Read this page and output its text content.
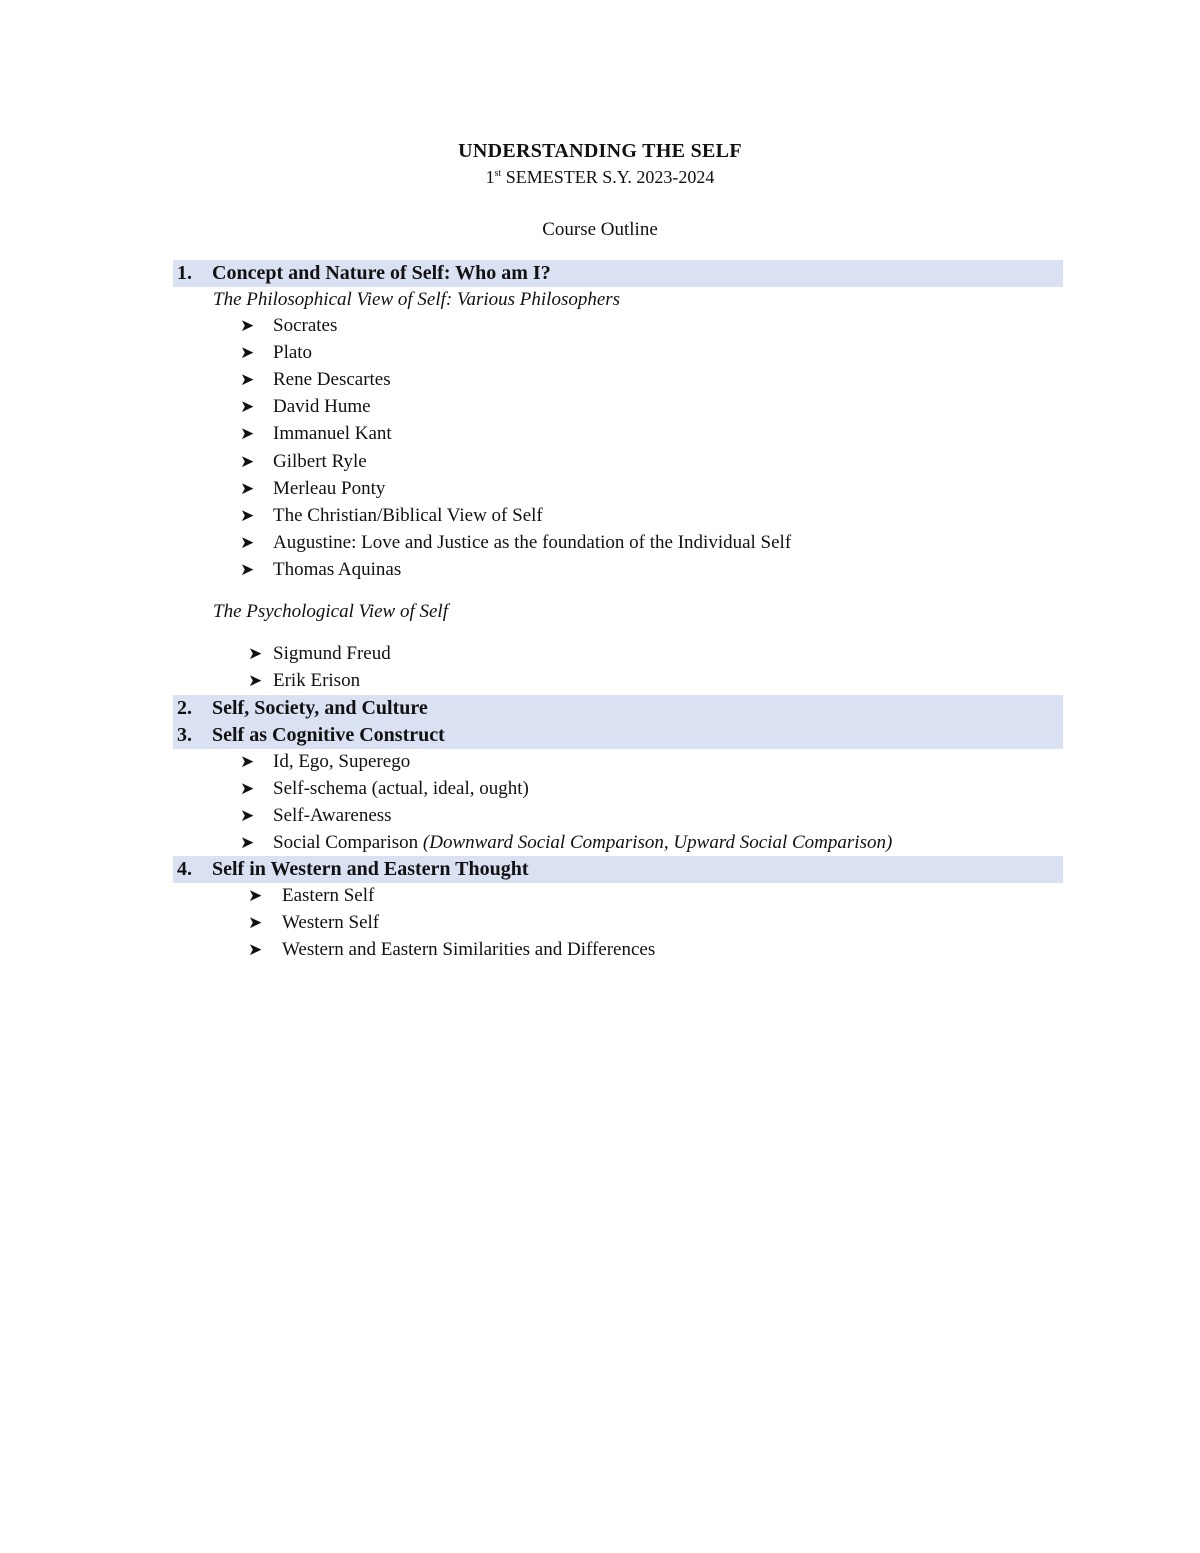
UNDERSTANDING THE SELF
1st SEMESTER S.Y. 2023-2024
Course Outline
1. Concept and Nature of Self: Who am I?
The Philosophical View of Self: Various Philosophers
➤ Socrates
➤ Plato
➤ Rene Descartes
➤ David Hume
➤ Immanuel Kant
➤ Gilbert Ryle
➤ Merleau Ponty
➤ The Christian/Biblical View of Self
➤ Augustine: Love and Justice as the foundation of the Individual Self
➤ Thomas Aquinas
The Psychological View of Self
➤ Sigmund Freud
➤ Erik Erison
2. Self, Society, and Culture
3. Self as Cognitive Construct
➤ Id, Ego, Superego
➤ Self-schema (actual, ideal, ought)
➤ Self-Awareness
➤ Social Comparison (Downward Social Comparison, Upward Social Comparison)
4. Self in Western and Eastern Thought
➤ Eastern Self
➤ Western Self
➤ Western and Eastern Similarities and Differences
